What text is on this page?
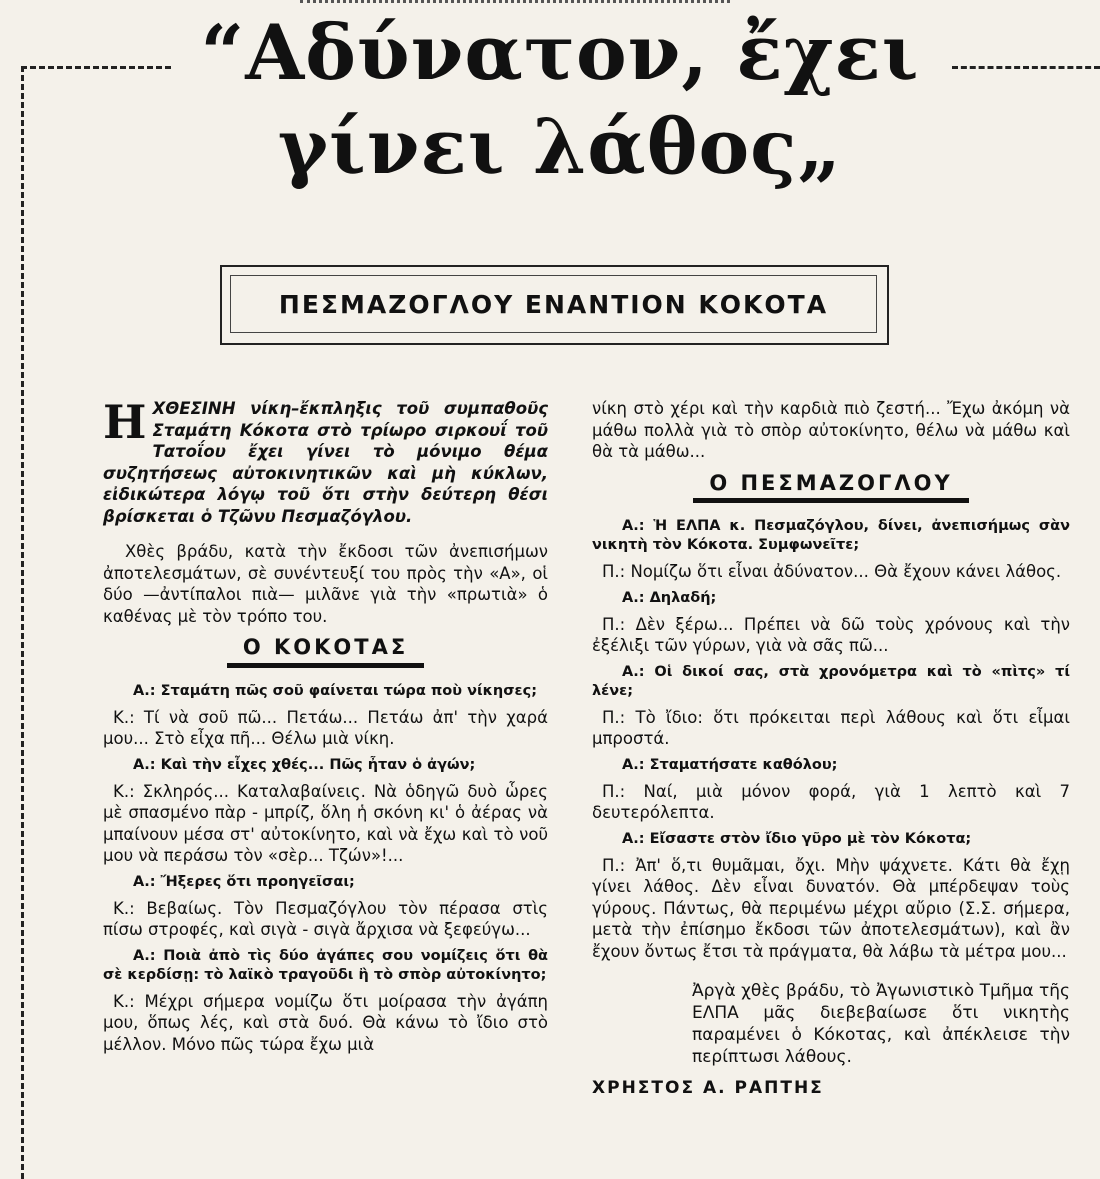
“Αδύνατον, ἔχει
γίνει λάθος„
ΠΕΣΜΑΖΟΓΛΟΥ ΕΝΑΝΤΙΟΝ ΚΟΚΟΤΑ

ΗΧΘΕΣΙΝΗ νίκη–ἔκπληξις τοῦ συμπαθοῦς Σταμάτη Κόκοτα στὸ τρίωρο σιρκουΐ τοῦ Τατοΐου ἔχει γίνει τὸ μόνιμο θέμα συζητήσεως αὐτοκινητικῶν καὶ μὴ κύκλων, εἰδικώτερα λόγῳ τοῦ ὅτι στὴν δεύτερη θέσι βρίσκεται ὁ Τζῶνυ Πεσμαζόγλου.

Χθὲς βράδυ, κατὰ τὴν ἔκδοσι τῶν ἀνεπισήμων ἀποτελεσμάτων, σὲ συνέντευξί του πρὸς τὴν «Α», οἱ δύο —ἀντίπαλοι πιὰ— μιλᾶνε γιὰ τὴν «πρωτιὰ» ὁ καθένας μὲ τὸν τρόπο του.

Ο ΚΟΚΟΤΑΣ

Α.: Σταμάτη πῶς σοῦ φαίνεται τώρα ποὺ νίκησες;

Κ.: Τί νὰ σοῦ πῶ... Πετάω... Πετάω ἀπ' τὴν χαρά μου... Στὸ εἶχα πῆ... Θέλω μιὰ νίκη.

Α.: Καὶ τὴν εἶχες χθές... Πῶς ἦταν ὁ ἀγών;

Κ.: Σκληρός... Καταλαβαίνεις. Νὰ ὁδηγῶ δυὸ ὧρες μὲ σπασμένο πὰρ - μπρίζ, ὅλη ἡ σκόνη κι' ὁ ἀέρας νὰ μπαίνουν μέσα στ' αὐτοκίνητο, καὶ νὰ ἔχω καὶ τὸ νοῦ μου νὰ περάσω τὸν «σὲρ... Τζών»!...

Α.: Ἤξερες ὅτι προηγεῖσαι;

Κ.: Βεβαίως. Τὸν Πεσμαζόγλου τὸν πέρασα στὶς πίσω στροφές, καὶ σιγὰ - σιγὰ ἄρχισα νὰ ξεφεύγω...

Α.: Ποιὰ ἀπὸ τὶς δύο ἀγάπες σου νομίζεις ὅτι θὰ σὲ κερδίσῃ: τὸ λαϊκὸ τραγοῦδι ἢ τὸ σπὸρ αὐτοκίνητο;

Κ.: Μέχρι σήμερα νομίζω ὅτι μοίρασα τὴν ἀγάπη μου, ὅπως λές, καὶ στὰ δυό. Θὰ κάνω τὸ ἴδιο στὸ μέλλον. Μόνο πῶς τώρα ἔχω μιὰ

νίκη στὸ χέρι καὶ τὴν καρδιὰ πιὸ ζεστή... Ἔχω ἀκόμη νὰ μάθω πολλὰ γιὰ τὸ σπὸρ αὐτοκίνητο, θέλω νὰ μάθω καὶ θὰ τὰ μάθω...

Ο ΠΕΣΜΑΖΟΓΛΟΥ

Α.: Ἡ ΕΛΠΑ κ. Πεσμαζόγλου, δίνει, ἀνεπισήμως σὰν νικητὴ τὸν Κόκοτα. Συμφωνεῖτε;

Π.: Νομίζω ὅτι εἶναι ἀδύνατον... Θὰ ἔχουν κάνει λάθος.

Α.: Δηλαδή;

Π.: Δὲν ξέρω... Πρέπει νὰ δῶ τοὺς χρόνους καὶ τὴν ἐξέλιξι τῶν γύρων, γιὰ νὰ σᾶς πῶ...

Α.: Οἱ δικοί σας, στὰ χρονόμετρα καὶ τὸ «πὶτς» τί λένε;

Π.: Τὸ ἴδιο: ὅτι πρόκειται περὶ λάθους καὶ ὅτι εἶμαι μπροστά.

Α.: Σταματήσατε καθόλου;

Π.: Ναί, μιὰ μόνον φορά, γιὰ 1 λεπτὸ καὶ 7 δευτερόλεπτα.

Α.: Εἴσαστε στὸν ἴδιο γῦρο μὲ τὸν Κόκοτα;

Π.: Ἀπ' ὅ,τι θυμᾶμαι, ὄχι. Μὴν ψάχνετε. Κάτι θὰ ἔχῃ γίνει λάθος. Δὲν εἶναι δυνατόν. Θὰ μπέρδεψαν τοὺς γύρους. Πάντως, θὰ περιμένω μέχρι αὔριο (Σ.Σ. σήμερα, μετὰ τὴν ἐπίσημο ἔκδοσι τῶν ἀποτελεσμάτων), καὶ ἂν ἔχουν ὄντως ἔτσι τὰ πράγματα, θὰ λάβω τὰ μέτρα μου...

Ἀργὰ χθὲς βράδυ, τὸ Ἀγωνιστικὸ Τμῆμα τῆς ΕΛΠΑ μᾶς διεβεβαίωσε ὅτι νικητὴς παραμένει ὁ Κόκοτας, καὶ ἀπέκλεισε τὴν περίπτωσι λάθους.

ΧΡΗΣΤΟΣ Α. ΡΑΠΤΗΣ
